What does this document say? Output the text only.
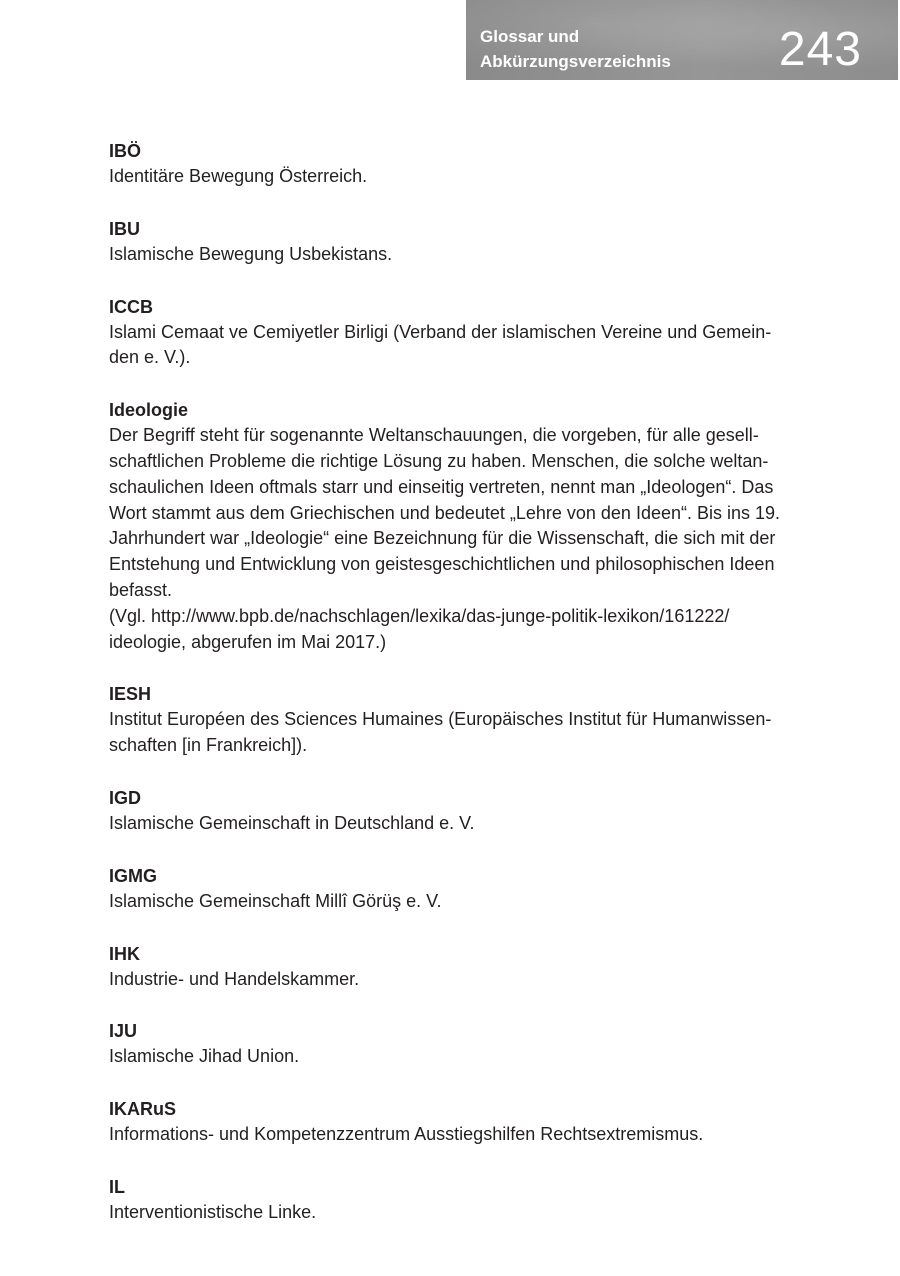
Glossar und
Abkürzungsverzeichnis 243
IBÖ
Identitäre Bewegung Österreich.
IBU
Islamische Bewegung Usbekistans.
ICCB
Islami Cemaat ve Cemiyetler Birligi (Verband der islamischen Vereine und Gemein-
den e. V.).
Ideologie
Der Begriff steht für sogenannte Weltanschauungen, die vorgeben, für alle gesell-
schaftlichen Probleme die richtige Lösung zu haben. Menschen, die solche weltan-
schaulichen Ideen oftmals starr und einseitig vertreten, nennt man „Ideologen“. Das
Wort stammt aus dem Griechischen und bedeutet „Lehre von den Ideen“. Bis ins 19.
Jahrhundert war „Ideologie“ eine Bezeichnung für die Wissenschaft, die sich mit der
Entstehung und Entwicklung von geistesgeschichtlichen und philosophischen Ideen
befasst.
(Vgl. http://www.bpb.de/nachschlagen/lexika/das-junge-politik-lexikon/161222/
ideologie, abgerufen im Mai 2017.)
IESH
Institut Européen des Sciences Humaines (Europäisches Institut für Humanwissen-
schaften [in Frankreich]).
IGD
Islamische Gemeinschaft in Deutschland e. V.
IGMG
Islamische Gemeinschaft Millî Görüş e. V.
IHK
Industrie- und Handelskammer.
IJU
Islamische Jihad Union.
IKARuS
Informations- und Kompetenzzentrum Ausstiegshilfen Rechtsextremismus.
IL
Interventionistische Linke.
